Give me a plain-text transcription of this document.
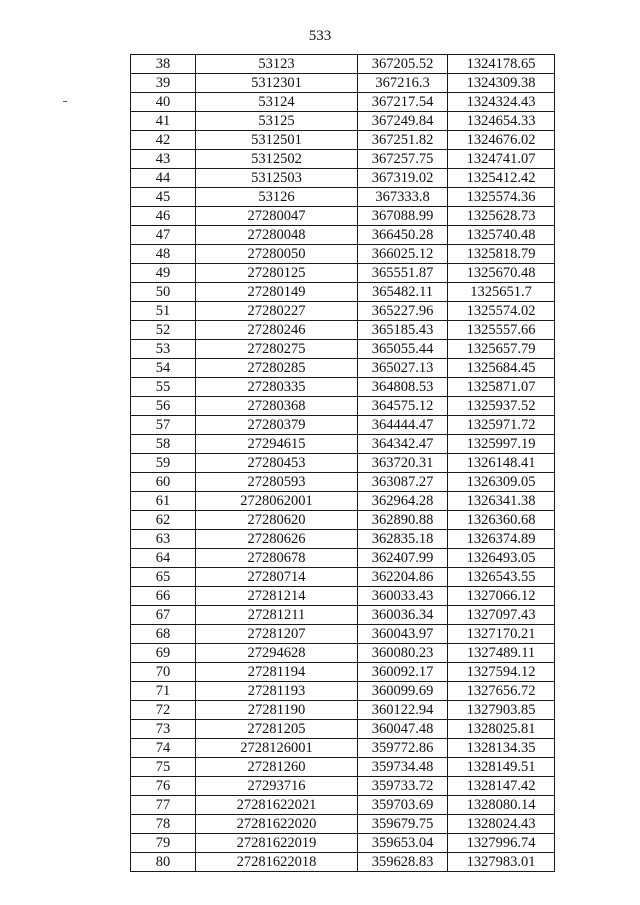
533
38	53123	367205.52	1324178.65
39	5312301	367216.3	1324309.38
40	53124	367217.54	1324324.43
41	53125	367249.84	1324654.33
42	5312501	367251.82	1324676.02
43	5312502	367257.75	1324741.07
44	5312503	367319.02	1325412.42
45	53126	367333.8	1325574.36
46	27280047	367088.99	1325628.73
47	27280048	366450.28	1325740.48
48	27280050	366025.12	1325818.79
49	27280125	365551.87	1325670.48
50	27280149	365482.11	1325651.7
51	27280227	365227.96	1325574.02
52	27280246	365185.43	1325557.66
53	27280275	365055.44	1325657.79
54	27280285	365027.13	1325684.45
55	27280335	364808.53	1325871.07
56	27280368	364575.12	1325937.52
57	27280379	364444.47	1325971.72
58	27294615	364342.47	1325997.19
59	27280453	363720.31	1326148.41
60	27280593	363087.27	1326309.05
61	2728062001	362964.28	1326341.38
62	27280620	362890.88	1326360.68
63	27280626	362835.18	1326374.89
64	27280678	362407.99	1326493.05
65	27280714	362204.86	1326543.55
66	27281214	360033.43	1327066.12
67	27281211	360036.34	1327097.43
68	27281207	360043.97	1327170.21
69	27294628	360080.23	1327489.11
70	27281194	360092.17	1327594.12
71	27281193	360099.69	1327656.72
72	27281190	360122.94	1327903.85
73	27281205	360047.48	1328025.81
74	2728126001	359772.86	1328134.35
75	27281260	359734.48	1328149.51
76	27293716	359733.72	1328147.42
77	27281622021	359703.69	1328080.14
78	27281622020	359679.75	1328024.43
79	27281622019	359653.04	1327996.74
80	27281622018	359628.83	1327983.01
